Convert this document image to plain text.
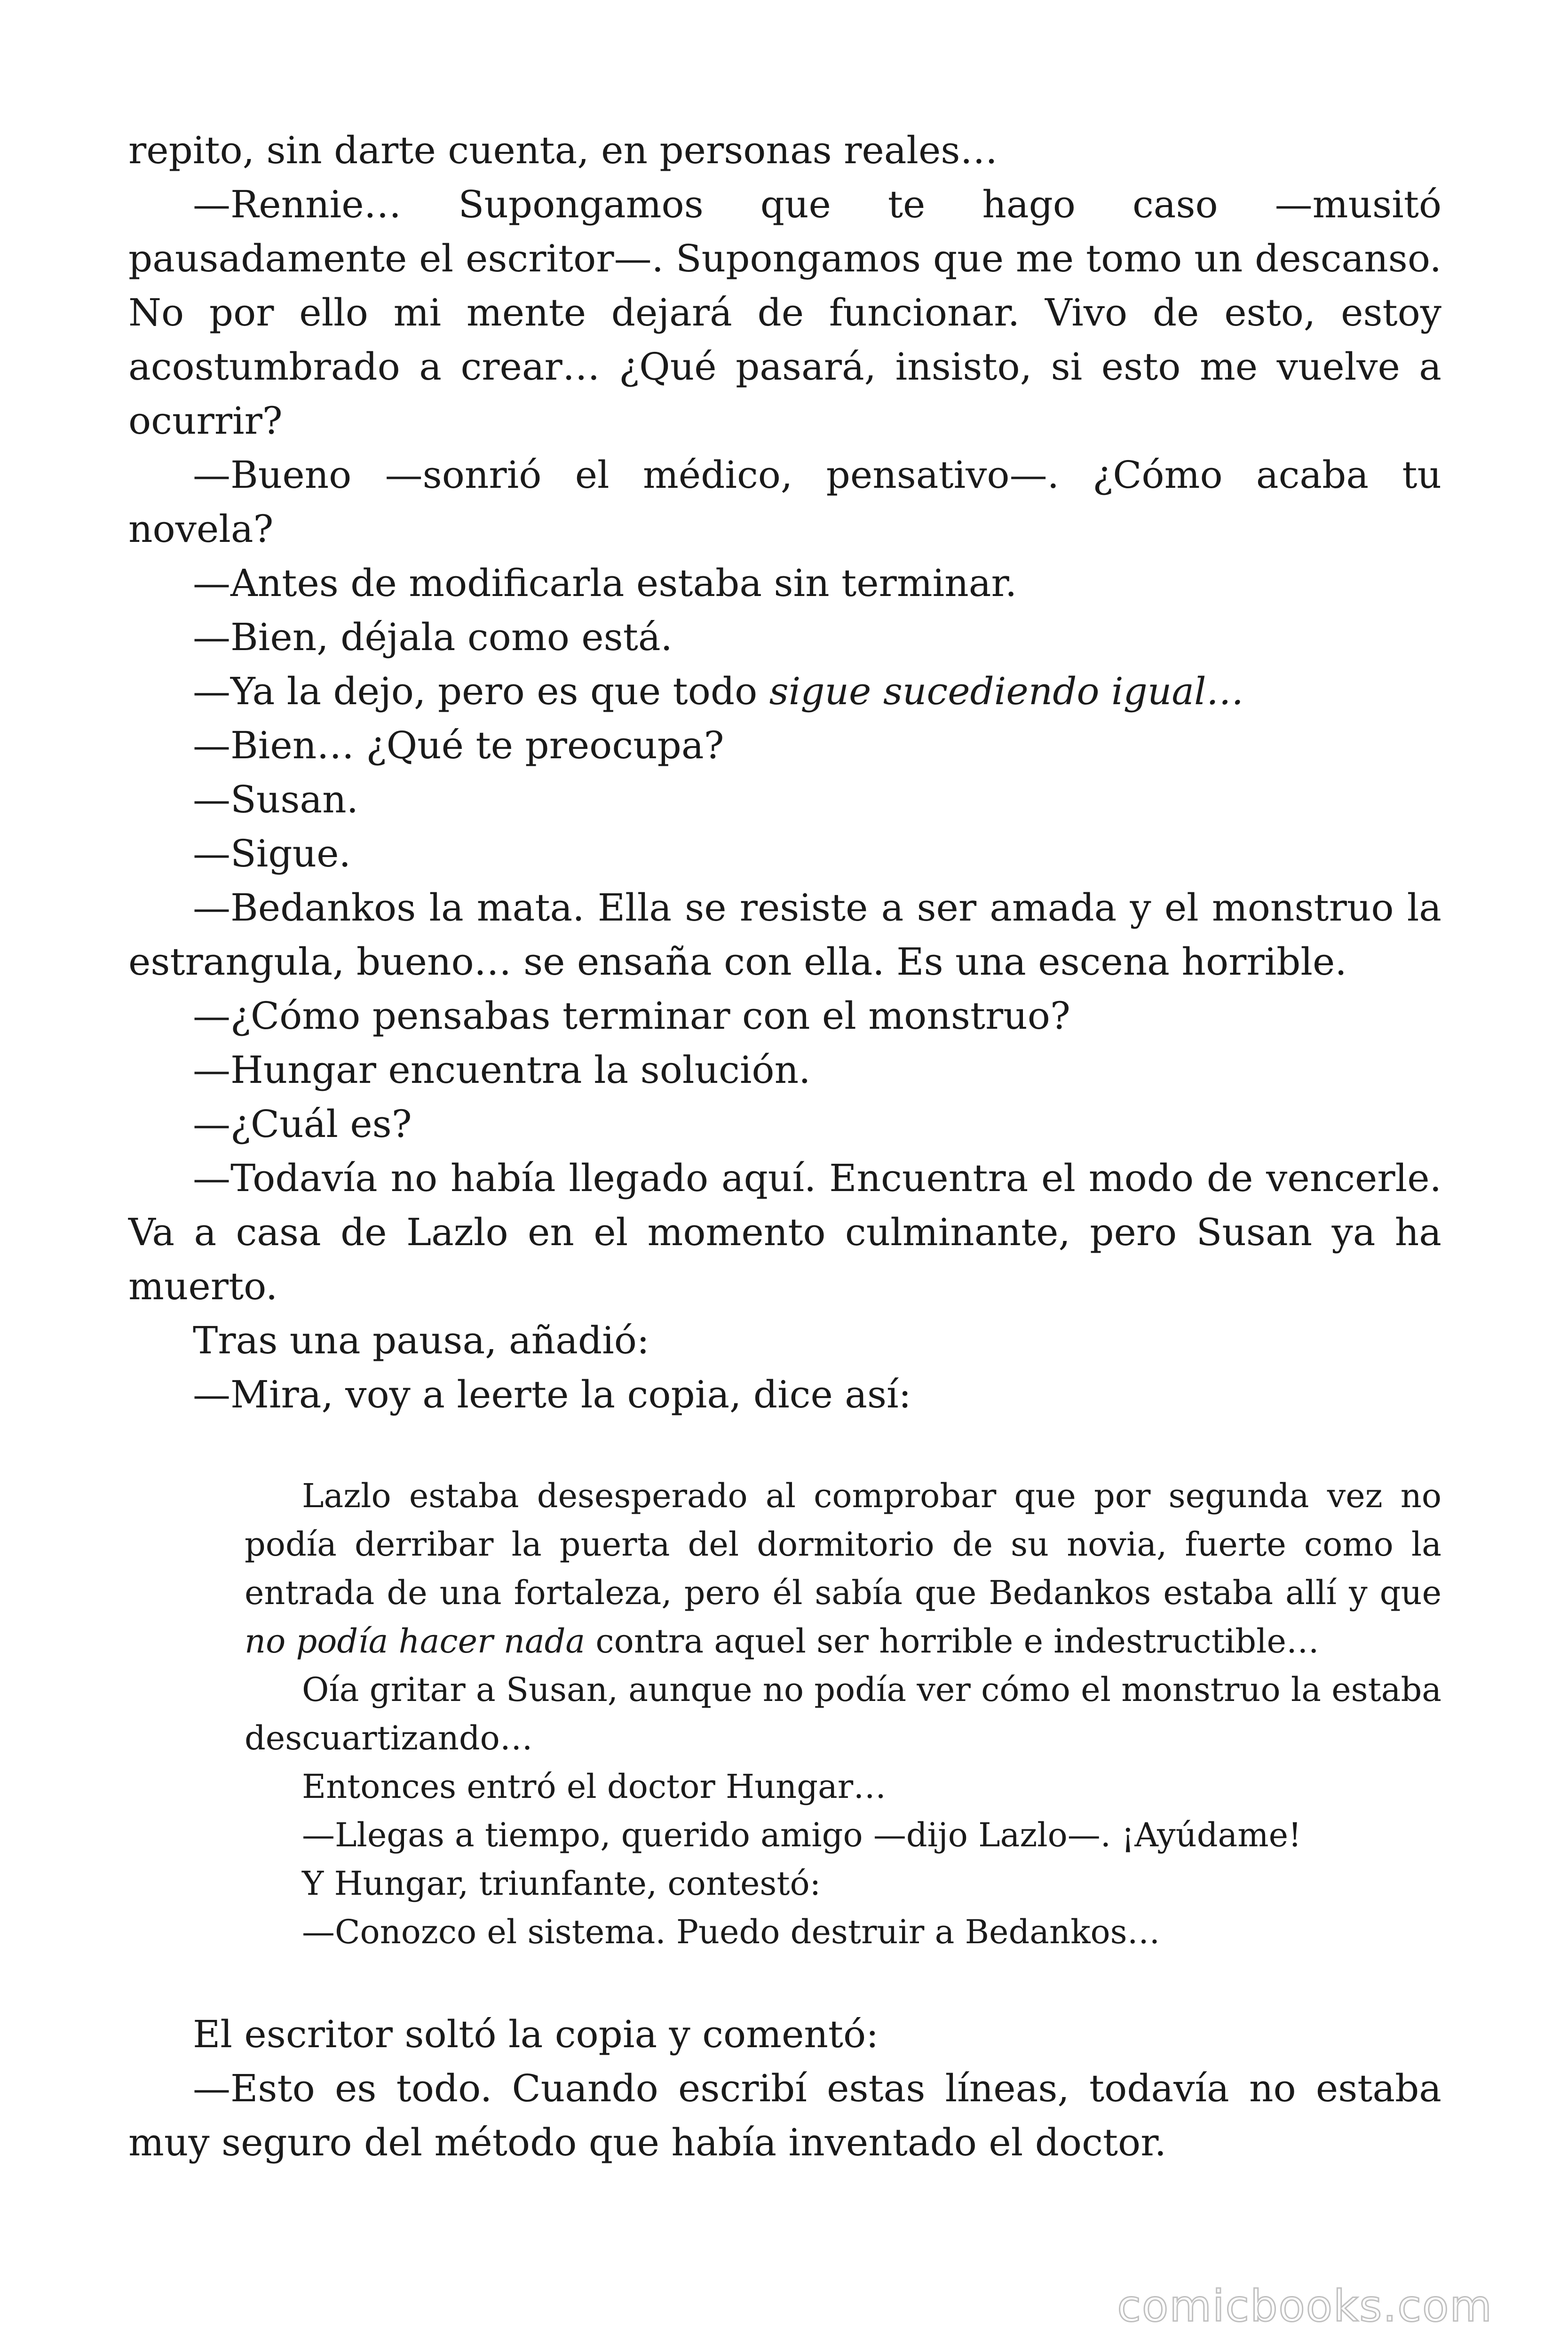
repito, sin darte cuenta, en personas reales…

—Rennie… Supongamos que te hago caso —musitó pausadamente el escritor—. Supongamos que me tomo un descanso. No por ello mi mente dejará de funcionar. Vivo de esto, estoy acostumbrado a crear… ¿Qué pasará, insisto, si esto me vuelve a ocurrir?

—Bueno —sonrió el médico, pensativo—. ¿Cómo acaba tu novela?

—Antes de modificarla estaba sin terminar.

—Bien, déjala como está.

—Ya la dejo, pero es que todo sigue sucediendo igual…

—Bien… ¿Qué te preocupa?

—Susan.

—Sigue.

—Bedankos la mata. Ella se resiste a ser amada y el monstruo la estrangula, bueno… se ensaña con ella. Es una escena horrible.

—¿Cómo pensabas terminar con el monstruo?

—Hungar encuentra la solución.

—¿Cuál es?

—Todavía no había llegado aquí. Encuentra el modo de vencerle. Va a casa de Lazlo en el momento culminante, pero Susan ya ha muerto.

Tras una pausa, añadió:

—Mira, voy a leerte la copia, dice así:

Lazlo estaba desesperado al comprobar que por segunda vez no podía derribar la puerta del dormitorio de su novia, fuerte como la entrada de una fortaleza, pero él sabía que Bedankos estaba allí y que no podía hacer nada contra aquel ser horrible e indestructible…

Oía gritar a Susan, aunque no podía ver cómo el monstruo la estaba descuartizando…

Entonces entró el doctor Hungar…

—Llegas a tiempo, querido amigo —dijo Lazlo—. ¡Ayúdame!

Y Hungar, triunfante, contestó:

—Conozco el sistema. Puedo destruir a Bedankos…

El escritor soltó la copia y comentó:

—Esto es todo. Cuando escribí estas líneas, todavía no estaba muy seguro del método que había inventado el doctor.

comicbooks.com
